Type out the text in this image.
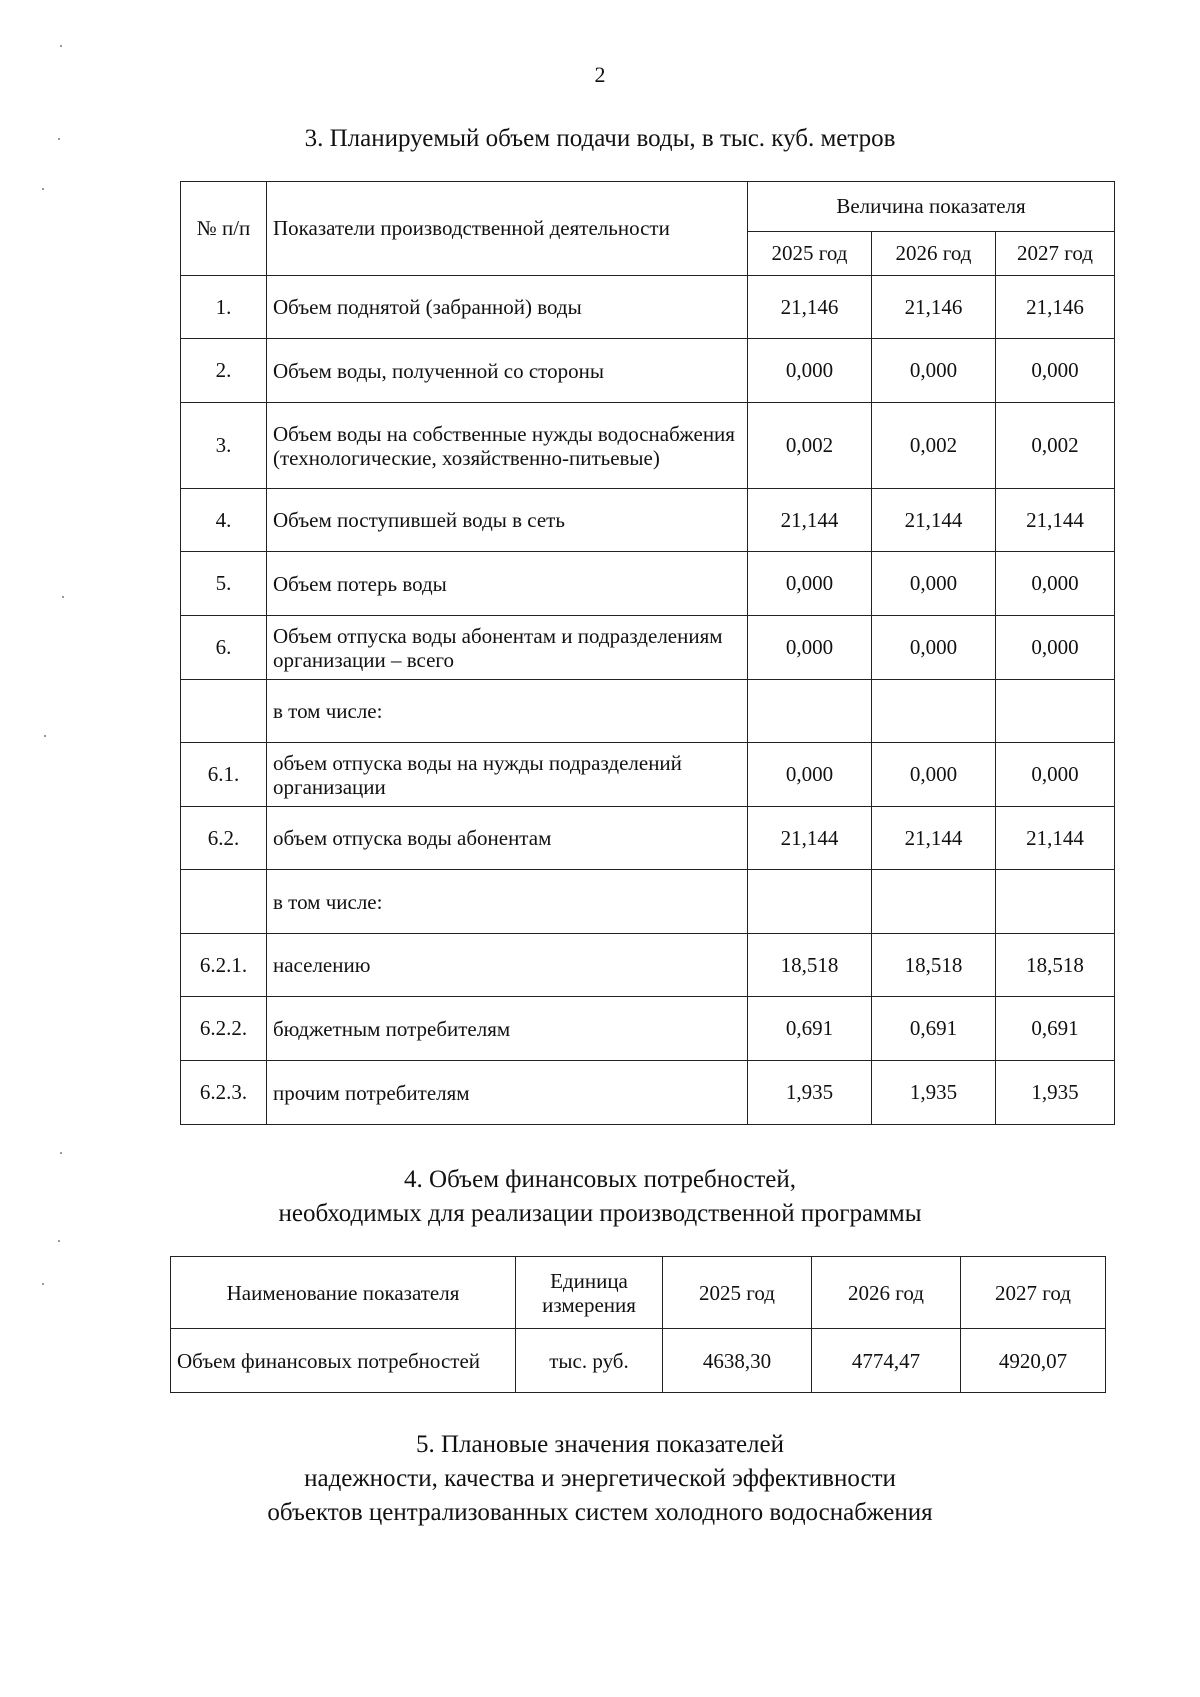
2
3. Планируемый объем подачи воды, в тыс. куб. метров
№ п/п	Показатели производственной деятельности	Величина показателя		
		2025 год	2026 год	2027 год
1.	Объем поднятой (забранной) воды	21,146	21,146	21,146
2.	Объем воды, полученной со стороны	0,000	0,000	0,000
3.	Объем воды на собственные нужды водоснабжения (технологические, хозяйственно-питьевые)	0,002	0,002	0,002
4.	Объем поступившей воды в сеть	21,144	21,144	21,144
5.	Объем потерь воды	0,000	0,000	0,000
6.	Объем отпуска воды абонентам и подразделениям организации – всего	0,000	0,000	0,000
	в том числе:			
6.1.	объем отпуска воды на нужды подразделений организации	0,000	0,000	0,000
6.2.	объем отпуска воды абонентам	21,144	21,144	21,144
	в том числе:			
6.2.1.	населению	18,518	18,518	18,518
6.2.2.	бюджетным потребителям	0,691	0,691	0,691
6.2.3.	прочим потребителям	1,935	1,935	1,935
4. Объем финансовых потребностей,
необходимых для реализации производственной программы
Наименование показателя	Единица измерения	2025 год	2026 год	2027 год
Объем финансовых потребностей	тыс. руб.	4638,30	4774,47	4920,07
5. Плановые значения показателей
надежности, качества и энергетической эффективности
объектов централизованных систем холодного водоснабжения
